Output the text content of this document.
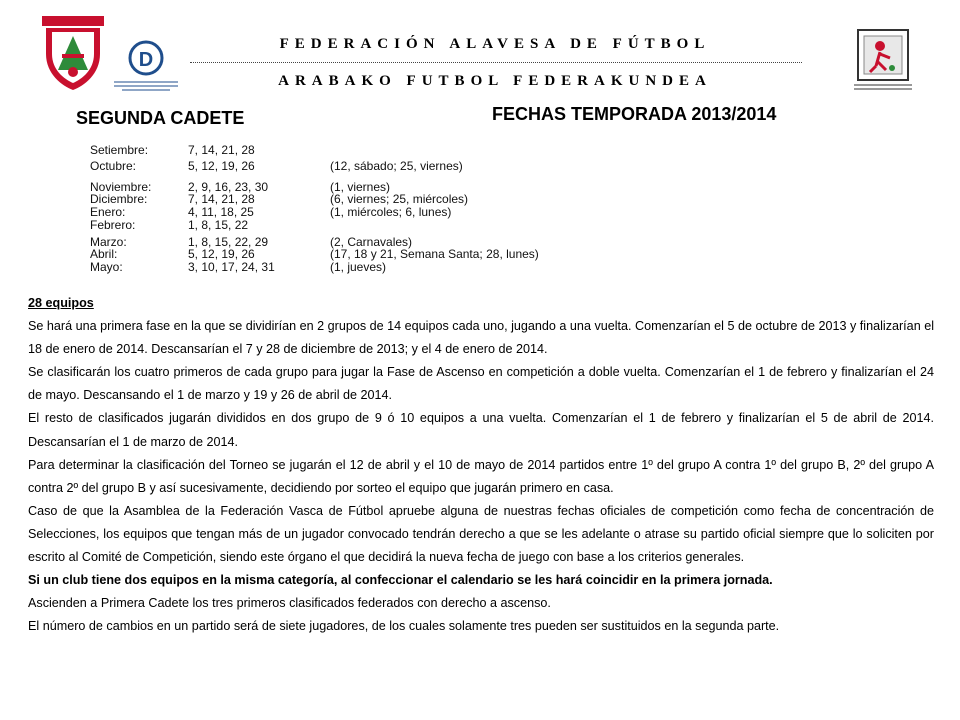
D
FEDERACIÓN ALAVESA DE FÚTBOL
ARABAKO FUTBOL FEDERAKUNDEA
SEGUNDA CADETE	FECHAS TEMPORADA 2013/2014
Setiembre:	7, 14, 21, 28
Octubre:	5, 12, 19, 26	(12, sábado; 25, viernes)
Noviembre:	2, 9, 16, 23, 30	(1, viernes)
Diciembre:	7, 14, 21, 28	(6, viernes; 25, miércoles)
Enero:	4, 11, 18, 25	(1, miércoles; 6, lunes)
Febrero:	1, 8, 15, 22
Marzo:	1, 8, 15, 22, 29	(2, Carnavales)
Abril:	5, 12, 19, 26	(17, 18 y 21, Semana Santa; 28, lunes)
Mayo:	3, 10, 17, 24, 31	(1, jueves)

28 equipos

Se hará una primera fase en la que se dividirían en 2 grupos de 14 equipos cada uno, jugando a una vuelta. Comenzarían el 5 de octubre de 2013 y finalizarían el 18 de enero de 2014. Descansarían el 7 y 28 de diciembre de 2013; y el 4 de enero de 2014.

Se clasificarán los cuatro primeros de cada grupo para jugar la Fase de Ascenso en competición a doble vuelta. Comenzarían el 1 de febrero y finalizarían el 24 de mayo. Descansando el 1 de marzo y 19 y 26 de abril de 2014.

El resto de clasificados jugarán divididos en dos grupo de 9 ó 10 equipos a una vuelta. Comenzarían el 1 de febrero y finalizarían el 5 de abril de 2014. Descansarían el 1 de marzo de 2014.

Para determinar la clasificación del Torneo se jugarán el 12 de abril y el 10 de mayo de 2014 partidos entre 1º del grupo A contra 1º del grupo B, 2º del grupo A contra 2º del grupo B y así sucesivamente, decidiendo por sorteo el equipo que jugarán primero en casa.

Caso de que la Asamblea de la Federación Vasca de Fútbol apruebe alguna de nuestras fechas oficiales de competición como fecha de concentración de Selecciones, los equipos que tengan más de un jugador convocado tendrán derecho a que se les adelante o atrase su partido oficial siempre que lo soliciten por escrito al Comité de Competición, siendo este órgano el que decidirá la nueva fecha de juego con base a los criterios generales.

Si un club tiene dos equipos en la misma categoría, al confeccionar el calendario se les hará coincidir en la primera jornada.

Ascienden a Primera Cadete los tres primeros clasificados federados con derecho a ascenso.

El número de cambios en un partido será de siete jugadores, de los cuales solamente tres pueden ser sustituidos en la segunda parte.
